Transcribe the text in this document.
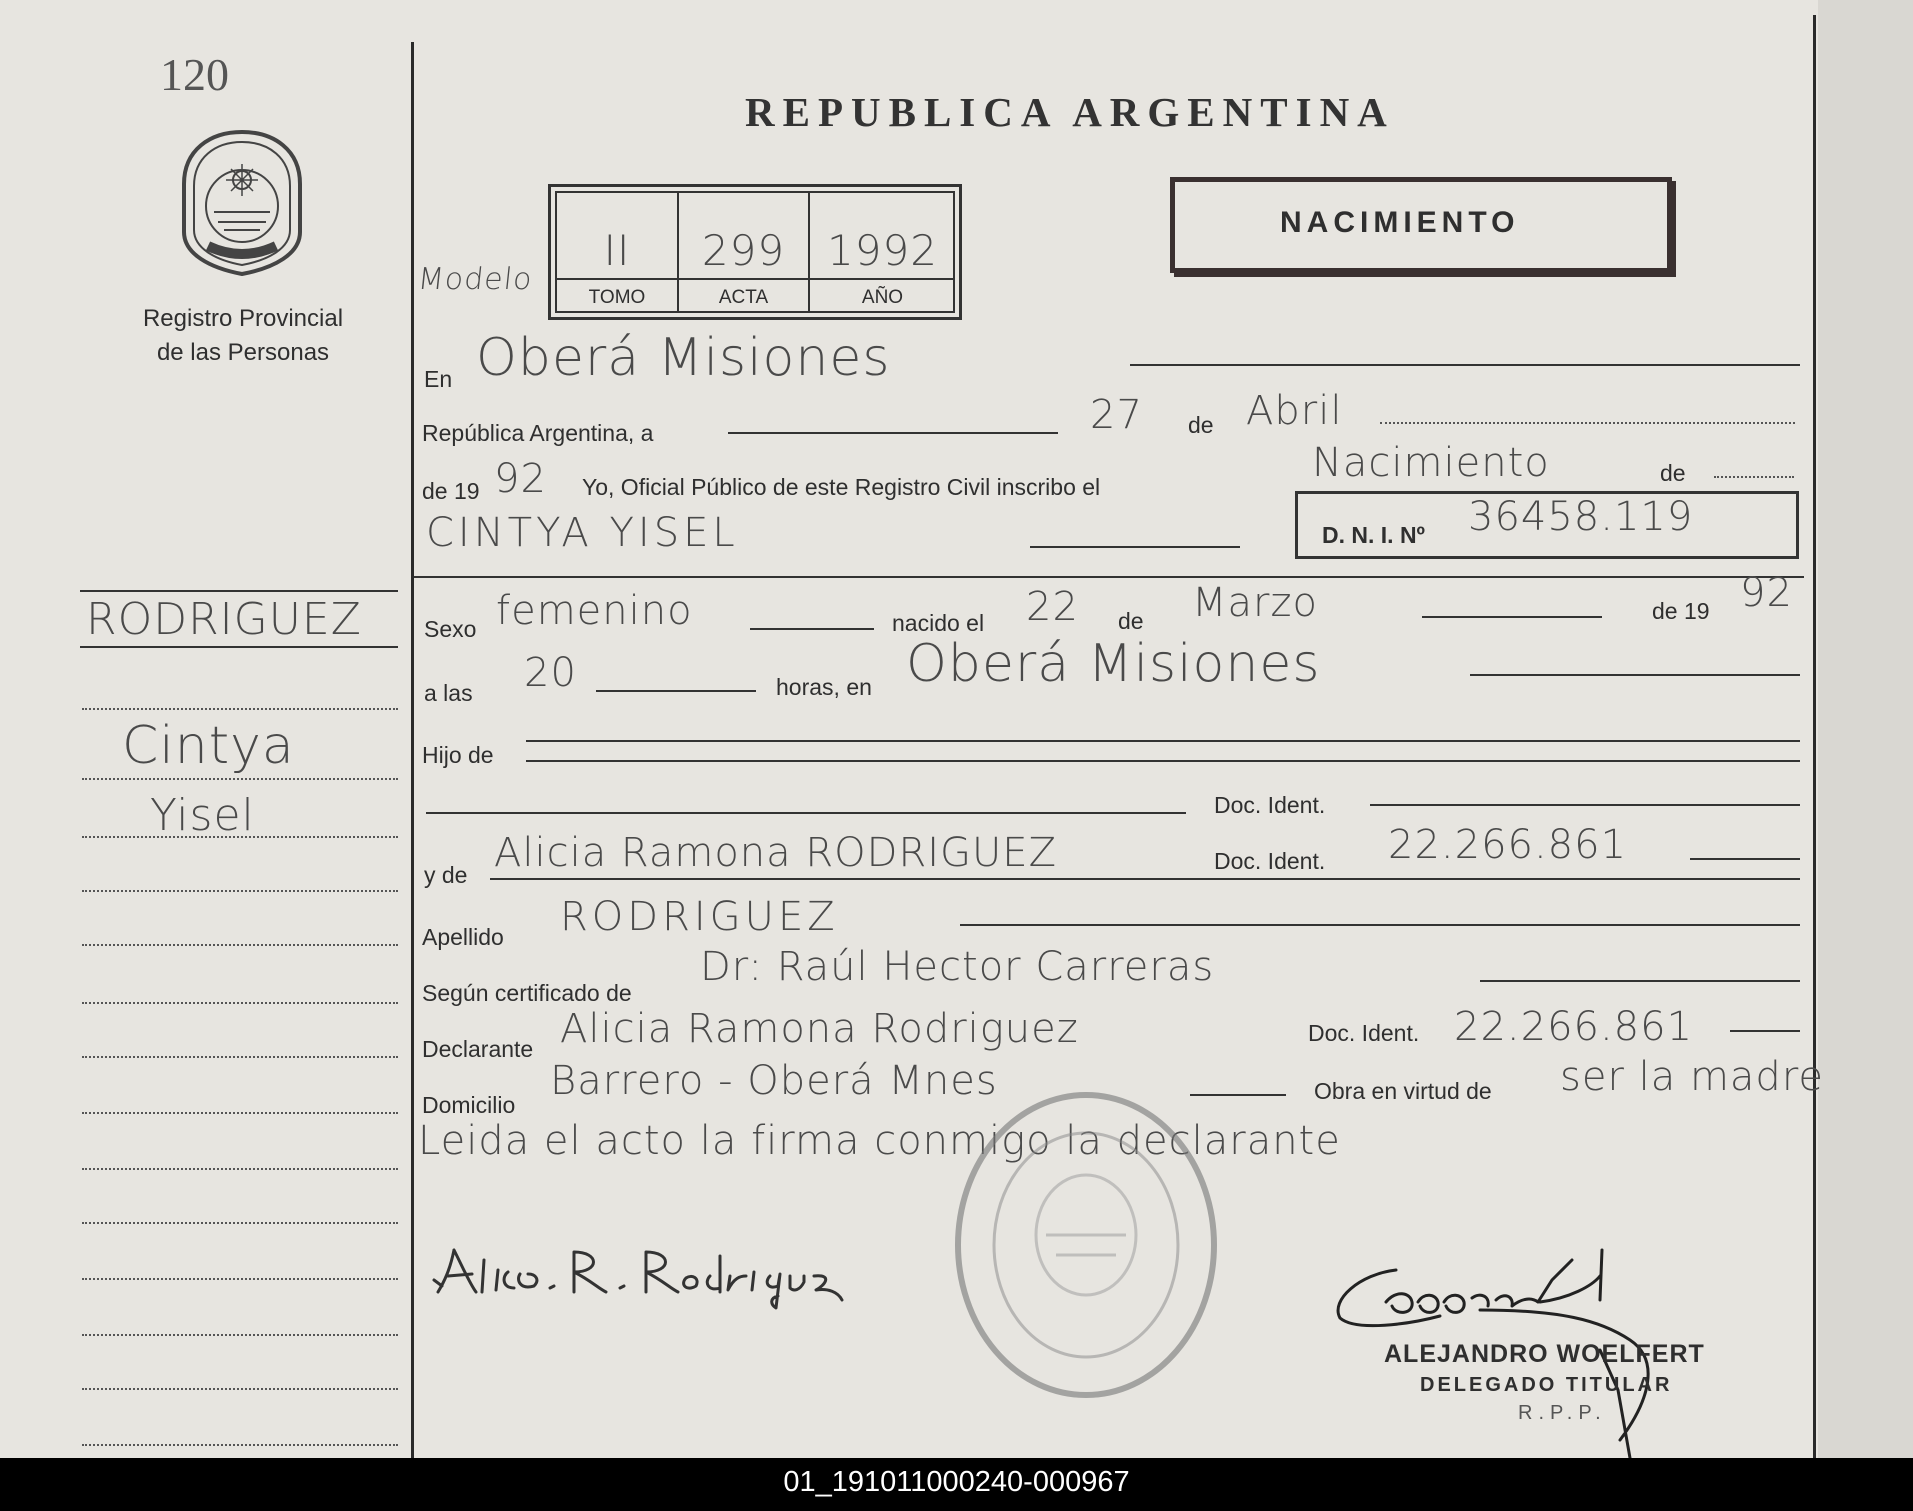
120
Registro Provincial
de las Personas
RODRIGUEZ
Cintya
Yisel
REPUBLICA ARGENTINA
Modelo
II	299 1992
TOMO	ACTA	AÑO
NACIMIENTO
En Oberá Misiones
República Argentina, a	27 de Abril
de 19 92 Yo, Oficial Público de este Registro Civil inscribo el
Nacimiento	de
CINTYA YISEL	D. N. I. Nº 36458.119
Sexo femenino	nacido el 22 de Marzo	de 19 92
a las 20	horas, en Oberá Misiones
Hijo de
Doc. Ident.
y de Alicia Ramona RODRIGUEZ	Doc. Ident. 22.266.861
Apellido RODRIGUEZ
Según certificado de
Dr: Raúl Hector Carreras
Declarante Alicia Ramona Rodriguez	Doc. Ident. 22.266.861
Domicilio
Barrero - Oberá Mnes	Obra en virtud de ser la madre
Leida el acto la firma conmigo la declarante
ALEJANDRO WOELFERT
DELEGADO TITULAR
R.P.P.
01_191011000240-000967
